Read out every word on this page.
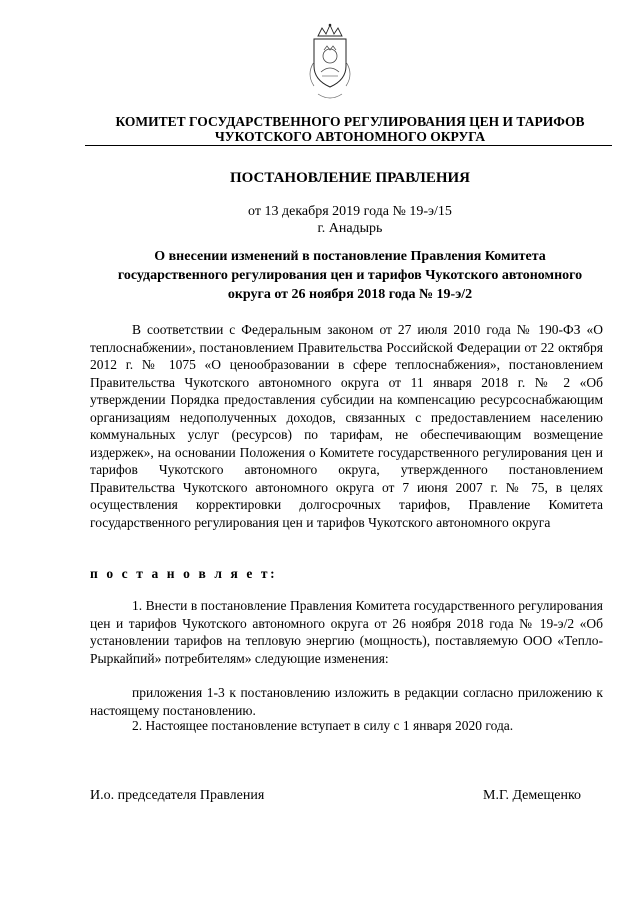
КОМИТЕТ ГОСУДАРСТВЕННОГО РЕГУЛИРОВАНИЯ ЦЕН И ТАРИФОВ
ЧУКОТСКОГО АВТОНОМНОГО ОКРУГА
ПОСТАНОВЛЕНИЕ ПРАВЛЕНИЯ
от 13 декабря 2019 года № 19-э/15
г. Анадырь
О внесении изменений в постановление Правления Комитета государственного регулирования цен и тарифов Чукотского автономного округа от 26 ноября 2018 года № 19-э/2
В соответствии с Федеральным законом от 27 июля 2010 года № 190-ФЗ «О теплоснабжении», постановлением Правительства Российской Федерации от 22 октября 2012 г. № 1075 «О ценообразовании в сфере теплоснабжения», постановлением Правительства Чукотского автономного округа от 11 января 2018 г. № 2 «Об утверждении Порядка предоставления субсидии на компенсацию ресурсоснабжающим организациям недополученных доходов, связанных с предоставлением населению коммунальных услуг (ресурсов) по тарифам, не обеспечивающим возмещение издержек», на основании Положения о Комитете государственного регулирования цен и тарифов Чукотского автономного округа, утвержденного постановлением Правительства Чукотского автономного округа от 7 июня 2007 г. № 75, в целях осуществления корректировки долгосрочных тарифов, Правление Комитета государственного регулирования цен и тарифов Чукотского автономного округа
п о с т а н о в л я е т:
1. Внести в постановление Правления Комитета государственного регулирования цен и тарифов Чукотского автономного округа от 26 ноября 2018 года № 19-э/2 «Об установлении тарифов на тепловую энергию (мощность), поставляемую ООО «Тепло-Рыркайпий» потребителям» следующие изменения:
приложения 1-3 к постановлению изложить в редакции согласно приложению к настоящему постановлению.
2. Настоящее постановление вступает в силу с 1 января 2020 года.
И.о. председателя Правления	М.Г. Демещенко
